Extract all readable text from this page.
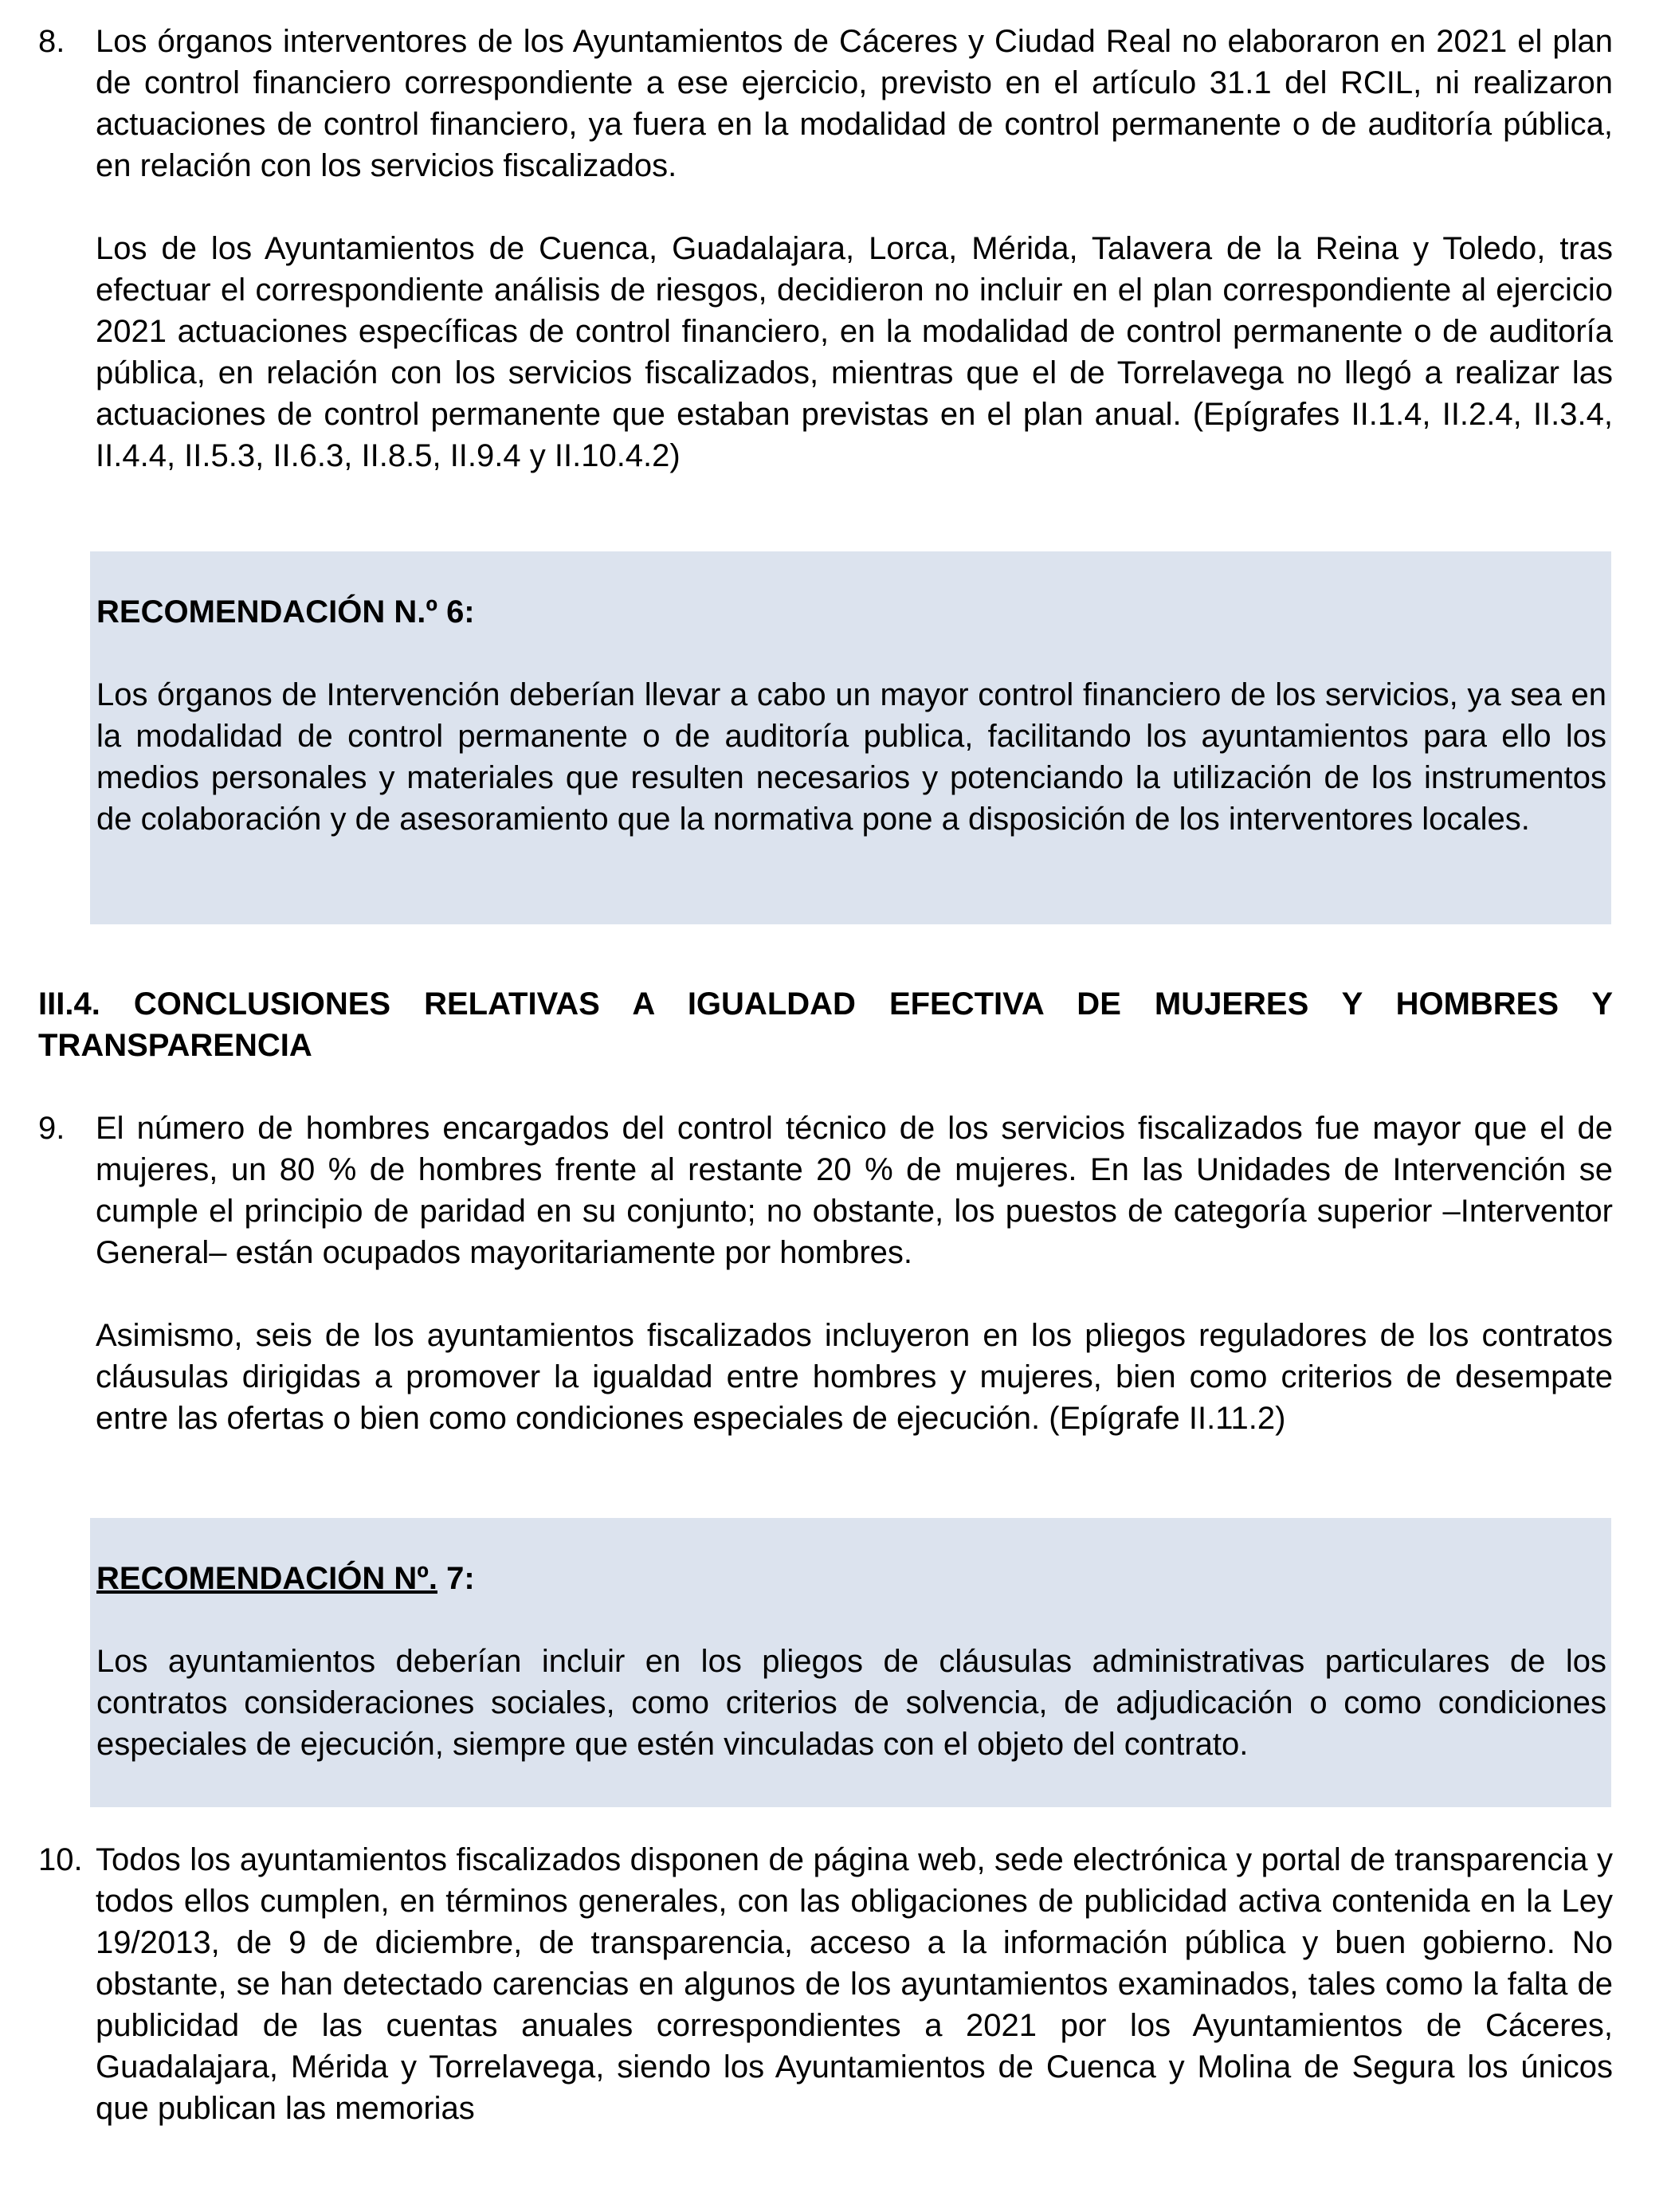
8. Los órganos interventores de los Ayuntamientos de Cáceres y Ciudad Real no elaboraron en 2021 el plan de control financiero correspondiente a ese ejercicio, previsto en el artículo 31.1 del RCIL, ni realizaron actuaciones de control financiero, ya fuera en la modalidad de control permanente o de auditoría pública, en relación con los servicios fiscalizados.

Los de los Ayuntamientos de Cuenca, Guadalajara, Lorca, Mérida, Talavera de la Reina y Toledo, tras efectuar el correspondiente análisis de riesgos, decidieron no incluir en el plan correspondiente al ejercicio 2021 actuaciones específicas de control financiero, en la modalidad de control permanente o de auditoría pública, en relación con los servicios fiscalizados, mientras que el de Torrelavega no llegó a realizar las actuaciones de control permanente que estaban previstas en el plan anual. (Epígrafes II.1.4, II.2.4, II.3.4, II.4.4, II.5.3, II.6.3, II.8.5, II.9.4 y II.10.4.2)

RECOMENDACIÓN N.º 6:

Los órganos de Intervención deberían llevar a cabo un mayor control financiero de los servicios, ya sea en la modalidad de control permanente o de auditoría publica, facilitando los ayuntamientos para ello los medios personales y materiales que resulten necesarios y potenciando la utilización de los instrumentos de colaboración y de asesoramiento que la normativa pone a disposición de los interventores locales.

III.4. CONCLUSIONES RELATIVAS A IGUALDAD EFECTIVA DE MUJERES Y HOMBRES Y
TRANSPARENCIA
9. El número de hombres encargados del control técnico de los servicios fiscalizados fue mayor que el de mujeres, un 80 % de hombres frente al restante 20 % de mujeres. En las Unidades de Intervención se cumple el principio de paridad en su conjunto; no obstante, los puestos de categoría superior –Interventor General– están ocupados mayoritariamente por hombres.

Asimismo, seis de los ayuntamientos fiscalizados incluyeron en los pliegos reguladores de los contratos cláusulas dirigidas a promover la igualdad entre hombres y mujeres, bien como criterios de desempate entre las ofertas o bien como condiciones especiales de ejecución. (Epígrafe II.11.2)

RECOMENDACIÓN Nº. 7:

Los ayuntamientos deberían incluir en los pliegos de cláusulas administrativas particulares de los contratos consideraciones sociales, como criterios de solvencia, de adjudicación o como condiciones especiales de ejecución, siempre que estén vinculadas con el objeto del contrato.

10. Todos los ayuntamientos fiscalizados disponen de página web, sede electrónica y portal de transparencia y todos ellos cumplen, en términos generales, con las obligaciones de publicidad activa contenida en la Ley 19/2013, de 9 de diciembre, de transparencia, acceso a la información pública y buen gobierno. No obstante, se han detectado carencias en algunos de los ayuntamientos examinados, tales como la falta de publicidad de las cuentas anuales correspondientes a 2021 por los Ayuntamientos de Cáceres, Guadalajara, Mérida y Torrelavega, siendo los Ayuntamientos de Cuenca y Molina de Segura los únicos que publican las memorias
